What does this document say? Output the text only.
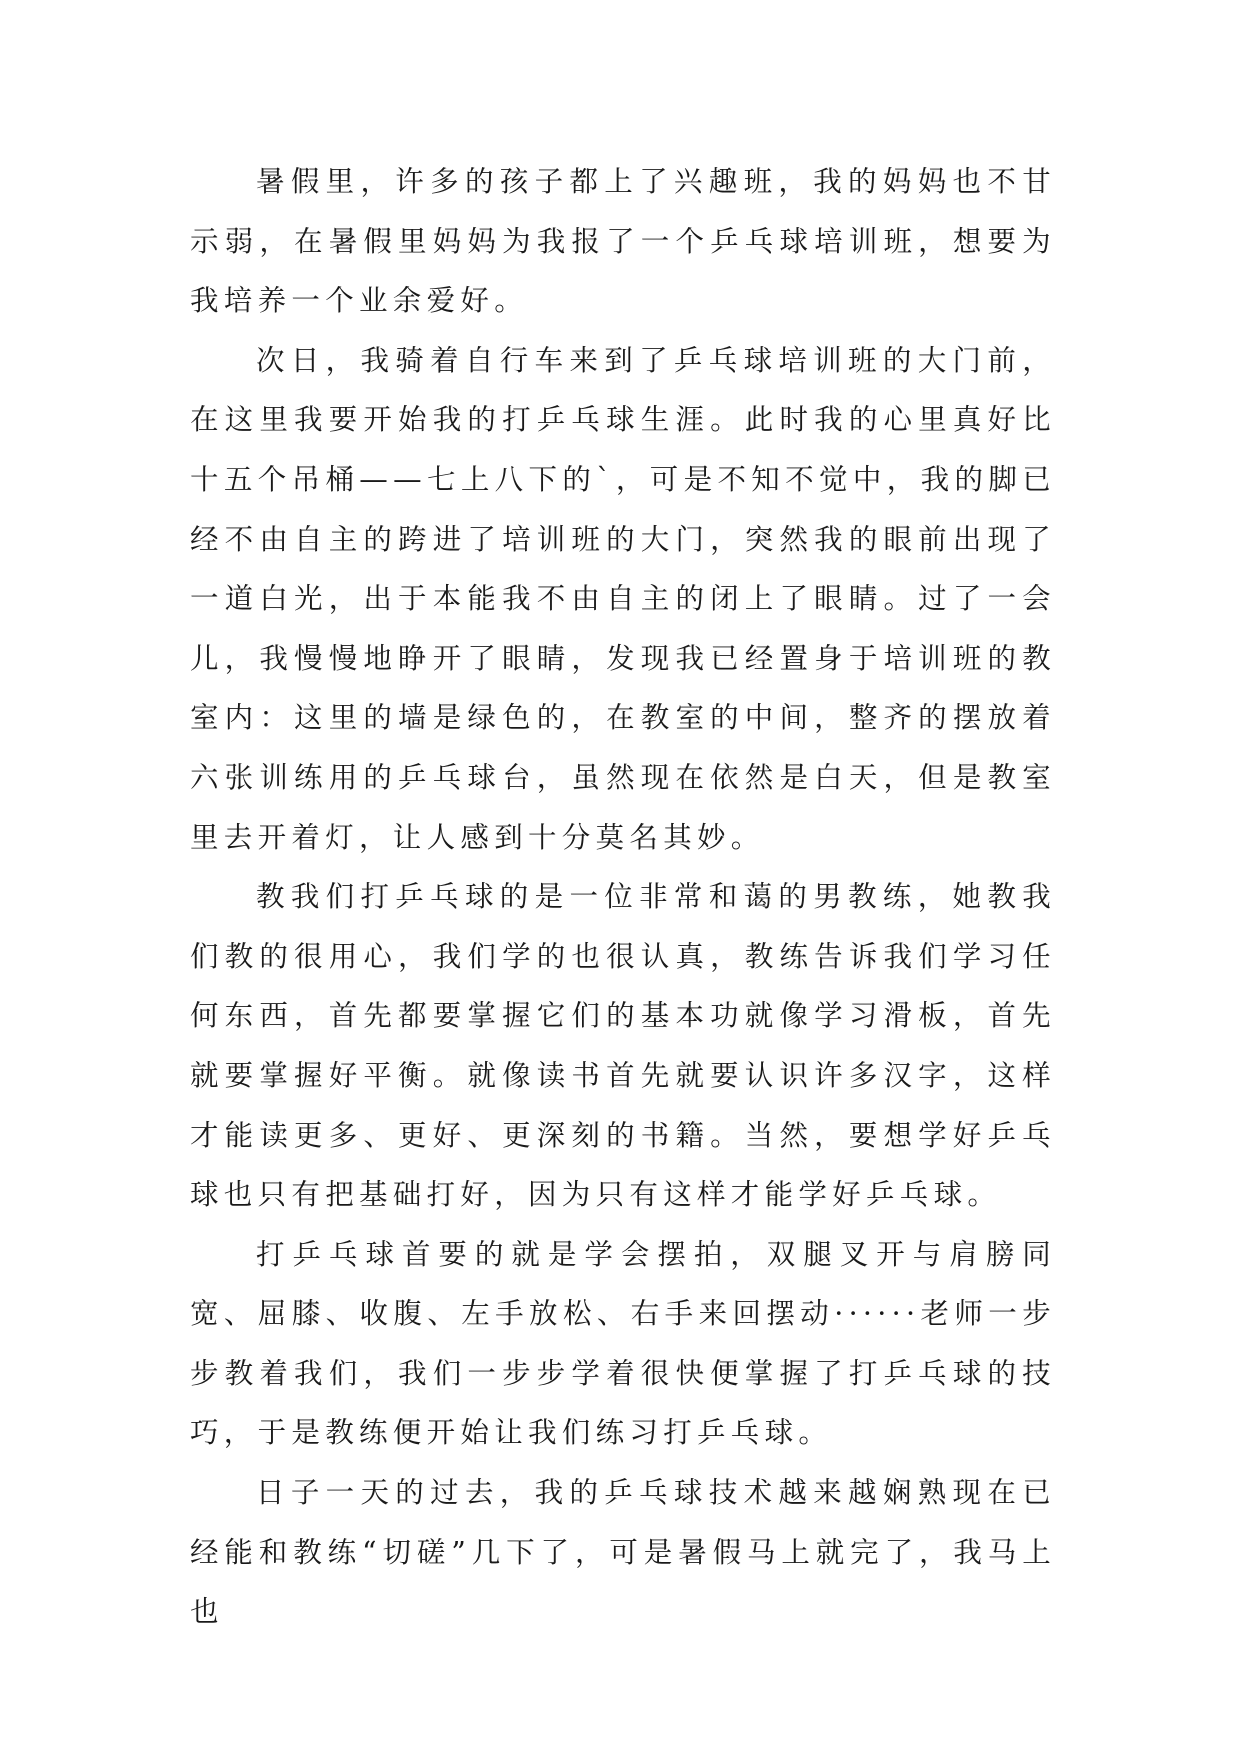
暑假里，许多的孩子都上了兴趣班，我的妈妈也不甘示弱，在暑假里妈妈为我报了一个乒乓球培训班，想要为我培养一个业余爱好。

次日，我骑着自行车来到了乒乓球培训班的大门前，在这里我要开始我的打乒乓球生涯。此时我的心里真好比十五个吊桶——七上八下的`，可是不知不觉中，我的脚已经不由自主的跨进了培训班的大门，突然我的眼前出现了一道白光，出于本能我不由自主的闭上了眼睛。过了一会儿，我慢慢地睁开了眼睛，发现我已经置身于培训班的教室内：这里的墙是绿色的，在教室的中间，整齐的摆放着六张训练用的乒乓球台，虽然现在依然是白天，但是教室里去开着灯，让人感到十分莫名其妙。

教我们打乒乓球的是一位非常和蔼的男教练，她教我们教的很用心，我们学的也很认真，教练告诉我们学习任何东西，首先都要掌握它们的基本功就像学习滑板，首先就要掌握好平衡。就像读书首先就要认识许多汉字，这样才能读更多、更好、更深刻的书籍。当然，要想学好乒乓球也只有把基础打好，因为只有这样才能学好乒乓球。

打乒乓球首要的就是学会摆拍，双腿叉开与肩膀同宽、屈膝、收腹、左手放松、右手来回摆动······老师一步步教着我们，我们一步步学着很快便掌握了打乒乓球的技巧，于是教练便开始让我们练习打乒乓球。

日子一天的过去，我的乒乓球技术越来越娴熟现在已经能和教练“切磋”几下了，可是暑假马上就完了，我马上也
